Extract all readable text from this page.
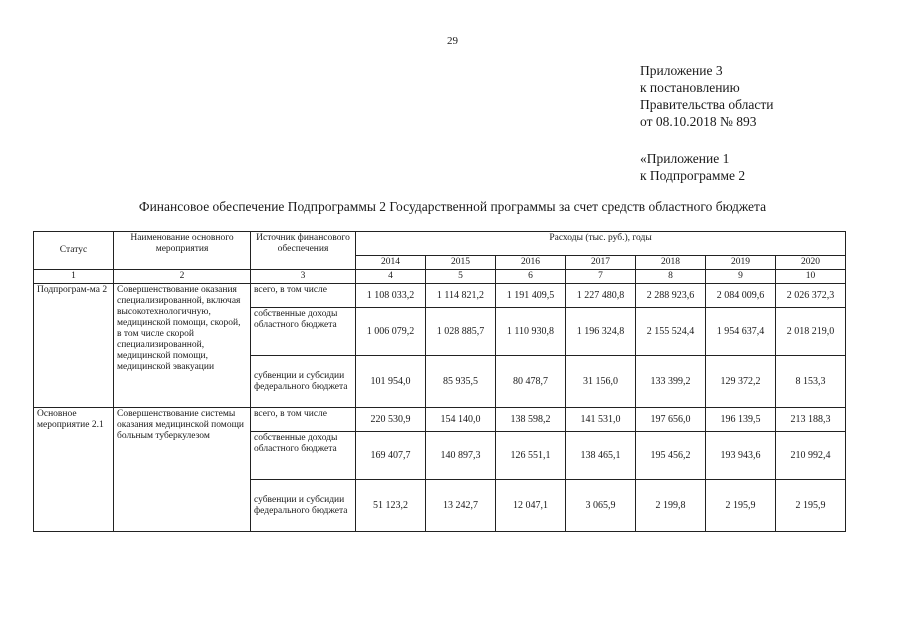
29
Приложение 3
к постановлению
Правительства области
от 08.10.2018 № 893
«Приложение 1
к Подпрограмме 2
Финансовое обеспечение Подпрограммы 2 Государственной программы за счет средств областного бюджета
Статус	Наименование основного мероприятия	Источник финансового обеспечения	Расходы (тыс. руб.), годы						
			2014	2015	2016	2017	2018	2019	2020
1	2	3	4	5	6	7	8	9	10
Подпрограм-ма 2	Совершенствование оказания специализированной, включая высокотехнологичную, медицинской помощи, скорой, в том числе скорой специализированной, медицинской помощи, медицинской эвакуации	всего, в том числе	1 108 033,2	1 114 821,2	1 191 409,5	1 227 480,8	2 288 923,6	2 084 009,6	2 026 372,3
		собственные доходы областного бюджета	1 006 079,2	1 028 885,7	1 110 930,8	1 196 324,8	2 155 524,4	1 954 637,4	2 018 219,0
		субвенции и субсидии федерального бюджета	101 954,0	85 935,5	80 478,7	31 156,0	133 399,2	129 372,2	8 153,3
Основное мероприятие 2.1	Совершенствование системы оказания медицинской помощи больным туберкулезом	всего, в том числе	220 530,9	154 140,0	138 598,2	141 531,0	197 656,0	196 139,5	213 188,3
		собственные доходы областного бюджета	169 407,7	140 897,3	126 551,1	138 465,1	195 456,2	193 943,6	210 992,4
		субвенции и субсидии федерального бюджета	51 123,2	13 242,7	12 047,1	3 065,9	2 199,8	2 195,9	2 195,9
